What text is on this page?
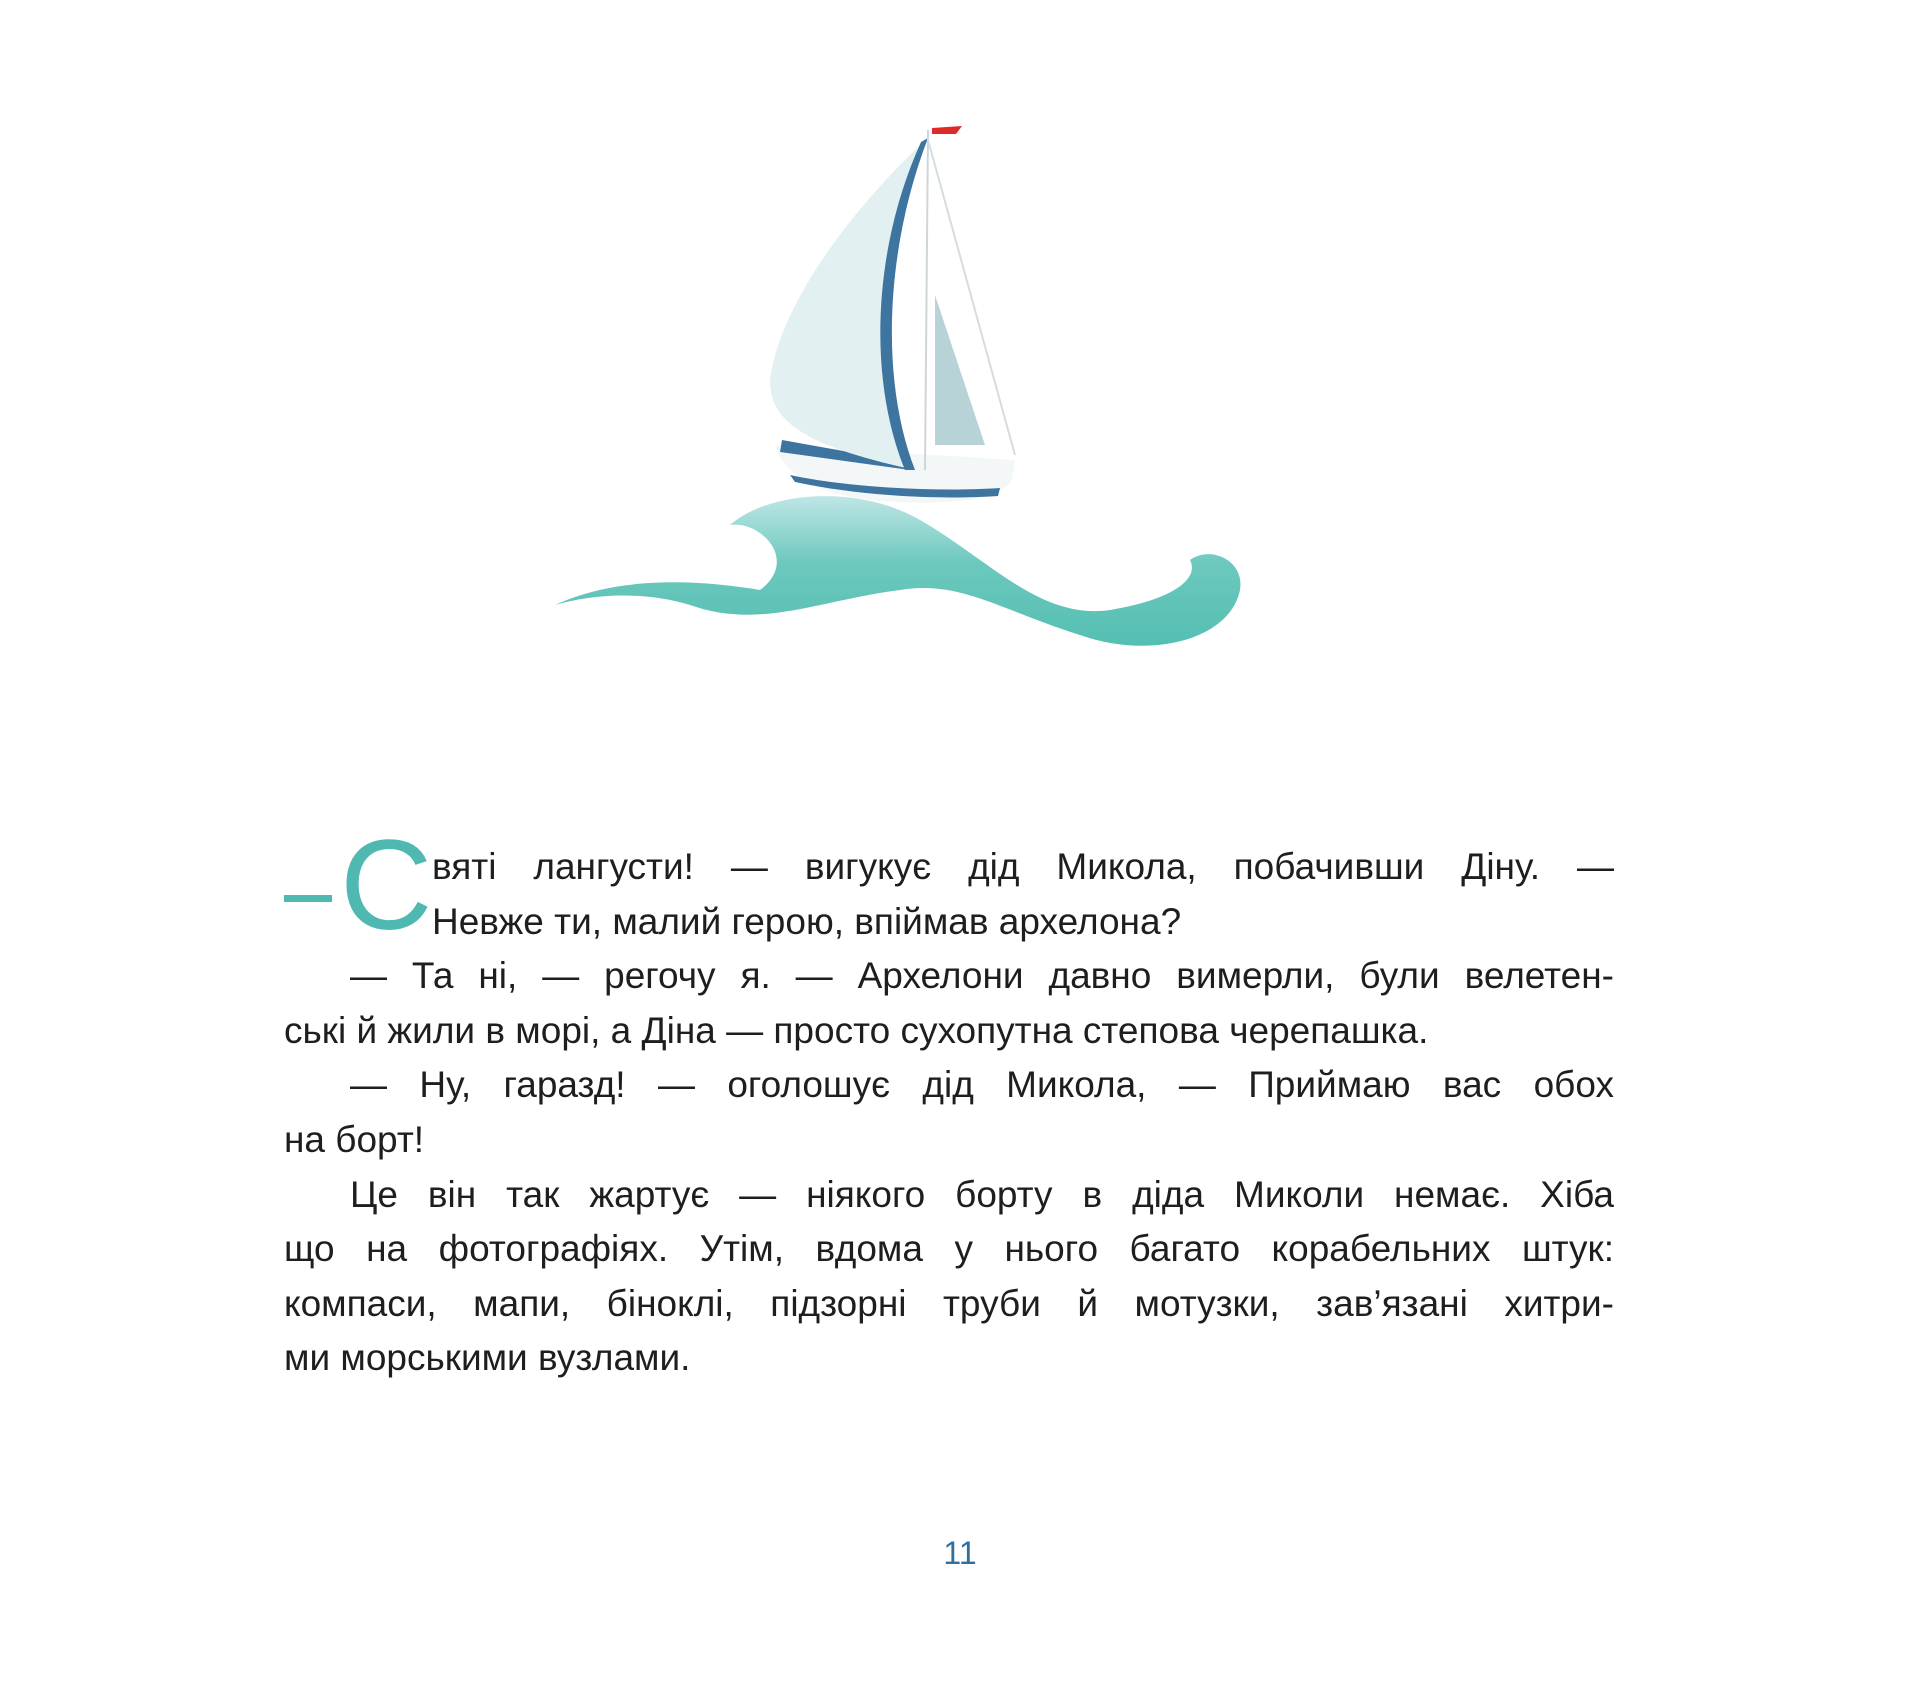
С вяті лангусти! — вигукує дід Микола, побачивши Діну. —
Невже ти, малий герою, впіймав архелона?
— Та ні, — регочу я. — Архелони давно вимерли, були велетен-
ські й жили в морі, а Діна — просто сухопутна степова черепашка.
— Ну, гаразд! — оголошує дід Микола, — Приймаю вас обох
на борт!
Це він так жартує — ніякого борту в діда Миколи немає. Хіба
що на фотографіях. Утім, вдома у нього багато корабельних штук:
компаси, мапи, біноклі, підзорні труби й мотузки, зав’язані хитри-
ми морськими вузлами.
11
